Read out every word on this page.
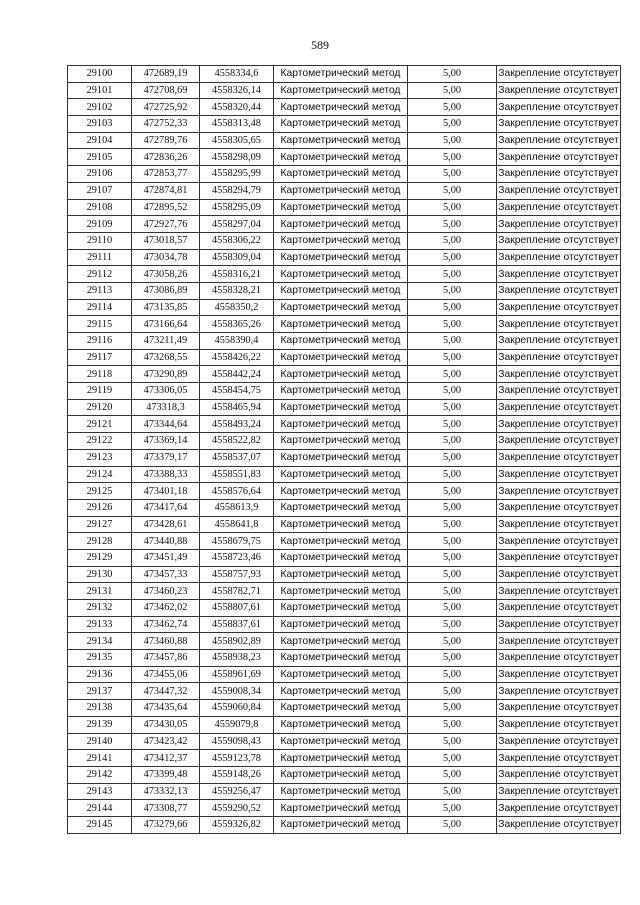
589
29100	472689,19	4558334,6	Картометрический метод	5,00	Закрепление отсутствует
29101	472708,69	4558326,14	Картометрический метод	5,00	Закрепление отсутствует
29102	472725,92	4558320,44	Картометрический метод	5,00	Закрепление отсутствует
29103	472752,33	4558313,48	Картометрический метод	5,00	Закрепление отсутствует
29104	472789,76	4558305,65	Картометрический метод	5,00	Закрепление отсутствует
29105	472836,26	4558298,09	Картометрический метод	5,00	Закрепление отсутствует
29106	472853,77	4558295,99	Картометрический метод	5,00	Закрепление отсутствует
29107	472874,81	4558294,79	Картометрический метод	5,00	Закрепление отсутствует
29108	472895,52	4558295,09	Картометрический метод	5,00	Закрепление отсутствует
29109	472927,76	4558297,04	Картометрический метод	5,00	Закрепление отсутствует
29110	473018,57	4558306,22	Картометрический метод	5,00	Закрепление отсутствует
29111	473034,78	4558309,04	Картометрический метод	5,00	Закрепление отсутствует
29112	473058,26	4558316,21	Картометрический метод	5,00	Закрепление отсутствует
29113	473086,89	4558328,21	Картометрический метод	5,00	Закрепление отсутствует
29114	473135,85	4558350,2	Картометрический метод	5,00	Закрепление отсутствует
29115	473166,64	4558365,26	Картометрический метод	5,00	Закрепление отсутствует
29116	473211,49	4558390,4	Картометрический метод	5,00	Закрепление отсутствует
29117	473268,55	4558426,22	Картометрический метод	5,00	Закрепление отсутствует
29118	473290,89	4558442,24	Картометрический метод	5,00	Закрепление отсутствует
29119	473306,05	4558454,75	Картометрический метод	5,00	Закрепление отсутствует
29120	473318,3	4558465,94	Картометрический метод	5,00	Закрепление отсутствует
29121	473344,64	4558493,24	Картометрический метод	5,00	Закрепление отсутствует
29122	473369,14	4558522,82	Картометрический метод	5,00	Закрепление отсутствует
29123	473379,17	4558537,07	Картометрический метод	5,00	Закрепление отсутствует
29124	473388,33	4558551,83	Картометрический метод	5,00	Закрепление отсутствует
29125	473401,18	4558576,64	Картометрический метод	5,00	Закрепление отсутствует
29126	473417,64	4558613,9	Картометрический метод	5,00	Закрепление отсутствует
29127	473428,61	4558641,8	Картометрический метод	5,00	Закрепление отсутствует
29128	473440,88	4558679,75	Картометрический метод	5,00	Закрепление отсутствует
29129	473451,49	4558723,46	Картометрический метод	5,00	Закрепление отсутствует
29130	473457,33	4558757,93	Картометрический метод	5,00	Закрепление отсутствует
29131	473460,23	4558782,71	Картометрический метод	5,00	Закрепление отсутствует
29132	473462,02	4558807,61	Картометрический метод	5,00	Закрепление отсутствует
29133	473462,74	4558837,61	Картометрический метод	5,00	Закрепление отсутствует
29134	473460,88	4558902,89	Картометрический метод	5,00	Закрепление отсутствует
29135	473457,86	4558938,23	Картометрический метод	5,00	Закрепление отсутствует
29136	473455,06	4558961,69	Картометрический метод	5,00	Закрепление отсутствует
29137	473447,32	4559008,34	Картометрический метод	5,00	Закрепление отсутствует
29138	473435,64	4559060,84	Картометрический метод	5,00	Закрепление отсутствует
29139	473430,05	4559079,8	Картометрический метод	5,00	Закрепление отсутствует
29140	473423,42	4559098,43	Картометрический метод	5,00	Закрепление отсутствует
29141	473412,37	4559123,78	Картометрический метод	5,00	Закрепление отсутствует
29142	473399,48	4559148,26	Картометрический метод	5,00	Закрепление отсутствует
29143	473332,13	4559256,47	Картометрический метод	5,00	Закрепление отсутствует
29144	473308,77	4559290,52	Картометрический метод	5,00	Закрепление отсутствует
29145	473279,66	4559326,82	Картометрический метод	5,00	Закрепление отсутствует
